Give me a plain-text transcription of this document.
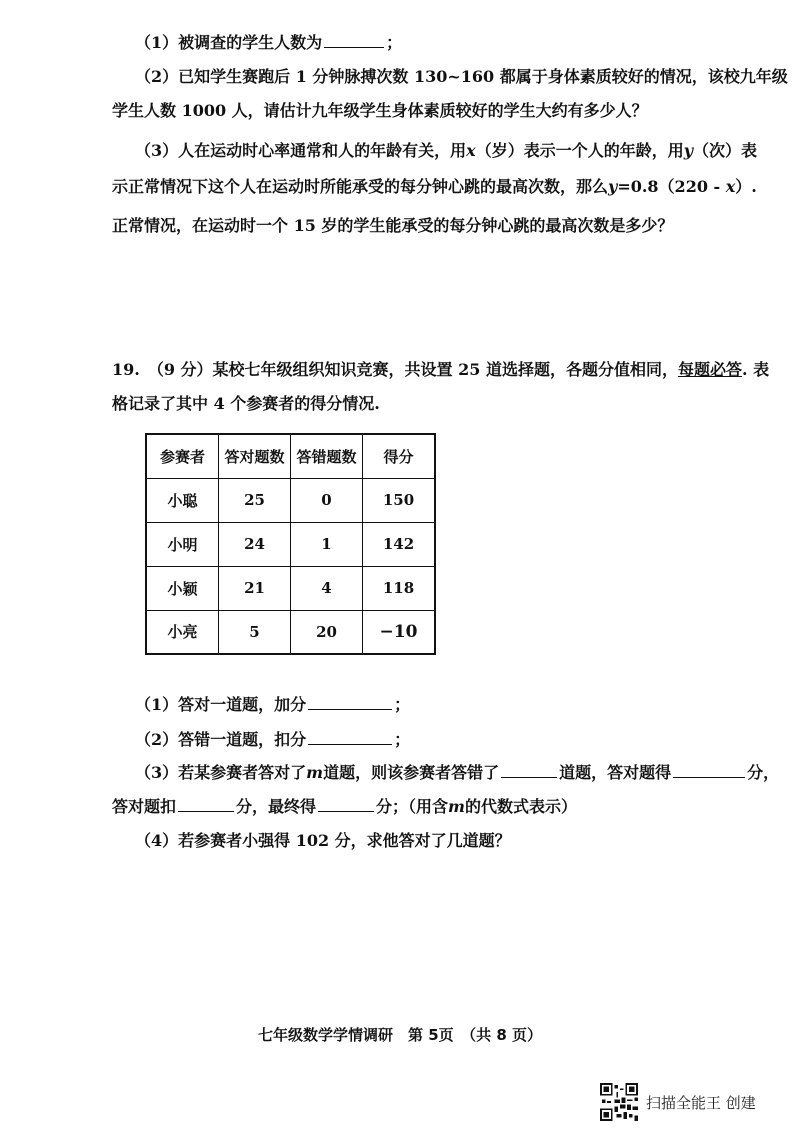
（1）被调查的学生人数为	；
（2）已知学生赛跑后 1 分钟脉搏次数 130~160 都属于身体素质较好的情况，该校九年级
学生人数 1000 人，请估计九年级学生身体素质较好的学生大约有多少人？
（3）人在运动时心率通常和人的年龄有关，用x（岁）表示一个人的年龄，用y（次）表
示正常情况下这个人在运动时所能承受的每分钟心跳的最高次数，那么y=0.8（220 - x）.
正常情况，在运动时一个 15 岁的学生能承受的每分钟心跳的最高次数是多少？
19.　（9 分）某校七年级组织知识竞赛，共设置 25 道选择题，各题分值相同，每题必答. 表
格记录了其中 4 个参赛者的得分情况.
参赛者	答对题数	答错题数	得分
小聪	25	0	150
小明	24	1	142
小颖	21	4	118
小亮	5	20	−10
（1）答对一道题，加分	；
（2）答错一道题，扣分	；
（3）若某参赛者答对了m道题，则该参赛者答错了	道题，答对题得	分，
答对题扣	分，最终得	分；（用含m的代数式表示）
（4）若参赛者小强得 102 分，求他答对了几道题？
七年级数学学情调研　第 5页　（共 8 页）
扫描全能王 创建
